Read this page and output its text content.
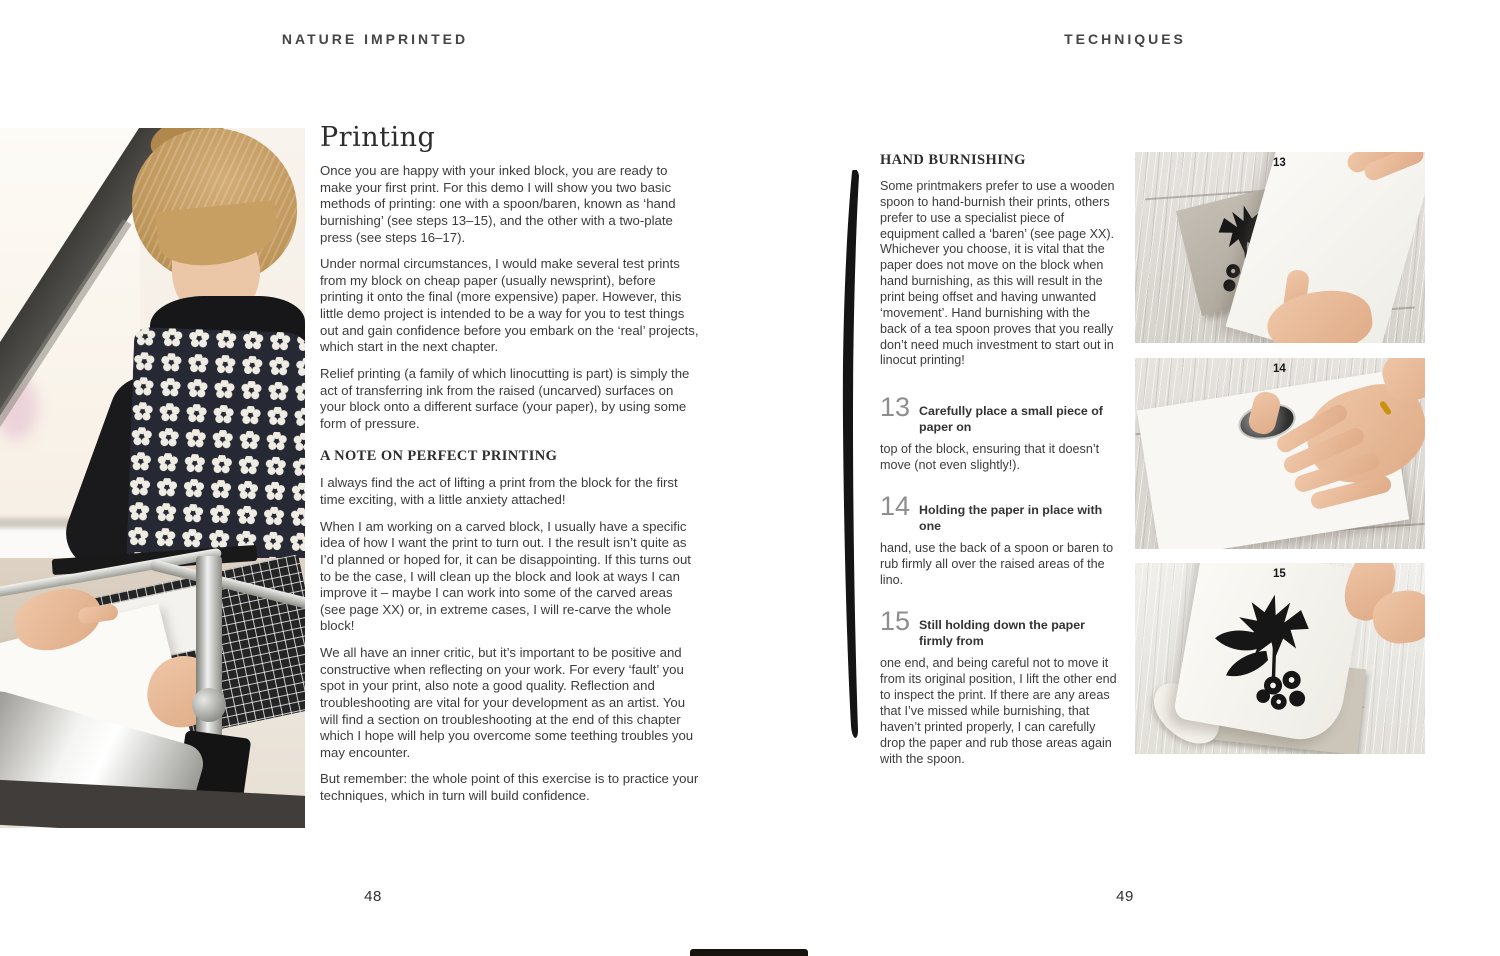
NATURE IMPRINTED	TECHNIQUES
Printing

Once you are happy with your inked block, you are ready to make your first print. For this demo I will show you two basic methods of printing: one with a spoon/baren, known as ‘hand burnishing’ (see steps 13–15), and the other with a two-plate press (see steps 16–17).

Under normal circumstances, I would make several test prints from my block on cheap paper (usually newsprint), before printing it onto the final (more expensive) paper. However, this little demo project is intended to be a way for you to test things out and gain confidence before you embark on the ‘real’ projects, which start in the next chapter.

Relief printing (a family of which linocutting is part) is simply the act of transferring ink from the raised (uncarved) surfaces on your block onto a different surface (your paper), by using some form of pressure.

A NOTE ON PERFECT PRINTING

I always find the act of lifting a print from the block for the first time exciting, with a little anxiety attached!

When I am working on a carved block, I usually have a specific idea of how I want the print to turn out. I the result isn’t quite as I’d planned or hoped for, it can be disappointing. If this turns out to be the case, I will clean up the block and look at ways I can improve it – maybe I can work into some of the carved areas (see page XX) or, in extreme cases, I will re-carve the whole block!

We all have an inner critic, but it’s important to be positive and constructive when reflecting on your work. For every ‘fault’ you spot in your print, also note a good quality. Reflection and troubleshooting are vital for your development as an artist. You will find a section on troubleshooting at the end of this chapter which I hope will help you overcome some teething troubles you may encounter.

But remember: the whole point of this exercise is to practice your techniques, which in turn will build confidence.

48
HAND BURNISHING

Some printmakers prefer to use a wooden spoon to hand-burnish their prints, others prefer to use a specialist piece of equipment called a ‘baren’ (see page XX). Whichever you choose, it is vital that the paper does not move on the block when hand burnishing, as this will result in the print being offset and having unwanted ‘movement’. Hand burnishing with the back of a tea spoon proves that you really don’t need much investment to start out in linocut printing!

13 Carefully place a small piece of paper on
top of the block, ensuring that it doesn’t move (not even slightly!).
14 Holding the paper in place with one
hand, use the back of a spoon or baren to rub firmly all over the raised areas of the lino.
15 Still holding down the paper firmly from
one end, and being careful not to move it from its original position, I lift the other end to inspect the print. If there are any areas that I’ve missed while burnishing, that haven’t printed properly, I can carefully drop the paper and rub those areas again with the spoon.
13
14
15
49
